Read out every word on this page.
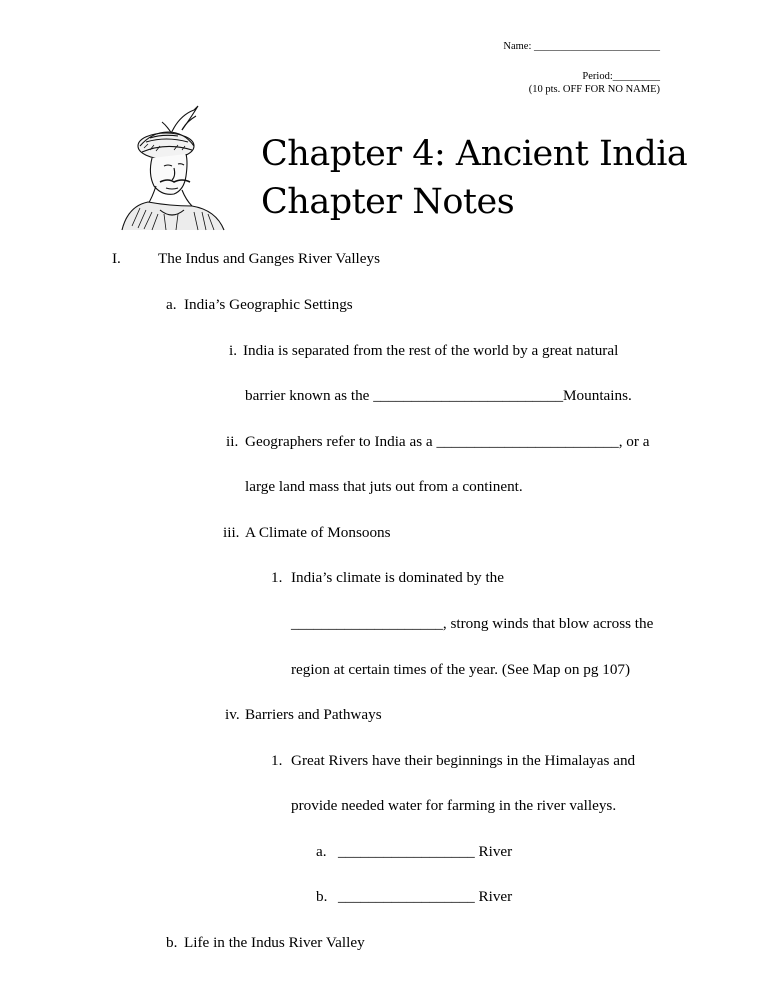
Name: ________________________
Period:_________
(10 pts. OFF FOR NO NAME)
Chapter 4: Ancient India
Chapter Notes
I. The Indus and Ganges River Valleys
a. India’s Geographic Settings
i. India is separated from the rest of the world by a great natural
barrier known as the _________________________Mountains.
ii. Geographers refer to India as a ________________________, or a
large land mass that juts out from a continent.
iii. A Climate of Monsoons
1. India’s climate is dominated by the
____________________, strong winds that blow across the
region at certain times of the year. (See Map on pg 107)
iv. Barriers and Pathways
1. Great Rivers have their beginnings in the Himalayas and
provide needed water for farming in the river valleys.
a. __________________ River
b. __________________ River
b. Life in the Indus River Valley
